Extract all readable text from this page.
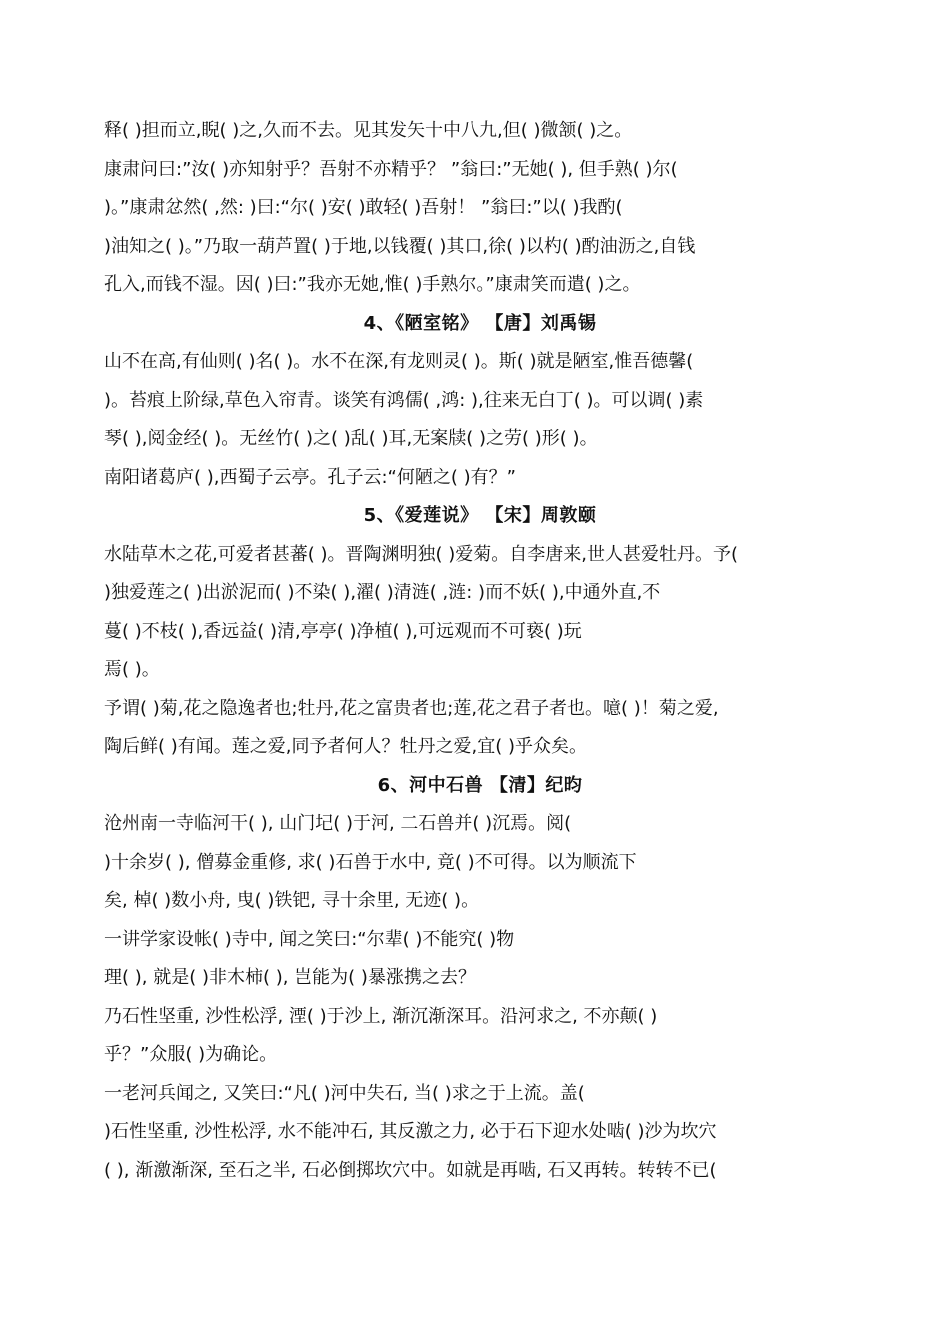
释( )担而立,睨( )之,久而不去。见其发矢十中八九,但( )微颔( )之。
康肃问曰:”汝( )亦知射乎？吾射不亦精乎？ ”翁曰:”无她( ), 但手熟( )尔(
)。”康肃忿然( ,然: )曰:“尔( )安( )敢轻( )吾射！ ”翁曰:”以( )我酌(
)油知之( )。”乃取一葫芦置( )于地,以钱覆( )其口,徐( )以杓( )酌油沥之,自钱
孔入,而钱不湿。因( )曰:”我亦无她,惟( )手熟尔。”康肃笑而遣( )之。
4、《陋室铭》 【唐】刘禹锡
山不在高,有仙则( )名( )。水不在深,有龙则灵( )。斯( )就是陋室,惟吾德馨(
)。苔痕上阶绿,草色入帘青。谈笑有鸿儒( ,鸿: ),往来无白丁( )。可以调( )素
琴( ),阅金经( )。无丝竹( )之( )乱( )耳,无案牍( )之劳( )形( )。
南阳诸葛庐( ),西蜀子云亭。孔子云:“何陋之( )有？”
5、《爱莲说》 【宋】周敦颐
水陆草木之花,可爱者甚蕃( )。晋陶渊明独( )爱菊。自李唐来,世人甚爱牡丹。予(
)独爱莲之( )出淤泥而( )不染( ),濯( )清涟( ,涟: )而不妖( ),中通外直,不
蔓( )不枝( ),香远益( )清,亭亭( )净植( ),可远观而不可亵( )玩
焉( )。
予谓( )菊,花之隐逸者也;牡丹,花之富贵者也;莲,花之君子者也。噫( )！菊之爱,
陶后鲜( )有闻。莲之爱,同予者何人？牡丹之爱,宜( )乎众矣。
6、河中石兽 【清】纪昀
沧州南一寺临河干( ), 山门圮( )于河, 二石兽并( )沉焉。阅(
)十余岁( ), 僧募金重修, 求( )石兽于水中, 竟( )不可得。以为顺流下
矣, 棹( )数小舟, 曳( )铁钯, 寻十余里, 无迹( )。
一讲学家设帐( )寺中, 闻之笑曰:“尔辈( )不能究( )物
理( ), 就是( )非木柿( ), 岂能为( )暴涨携之去？
乃石性坚重, 沙性松浮, 湮( )于沙上, 渐沉渐深耳。沿河求之, 不亦颠( )
乎？”众服( )为确论。
一老河兵闻之, 又笑曰:“凡( )河中失石, 当( )求之于上流。盖(
)石性坚重, 沙性松浮, 水不能冲石, 其反激之力, 必于石下迎水处啮( )沙为坎穴
( ), 渐激渐深, 至石之半, 石必倒掷坎穴中。如就是再啮, 石又再转。转转不已(
